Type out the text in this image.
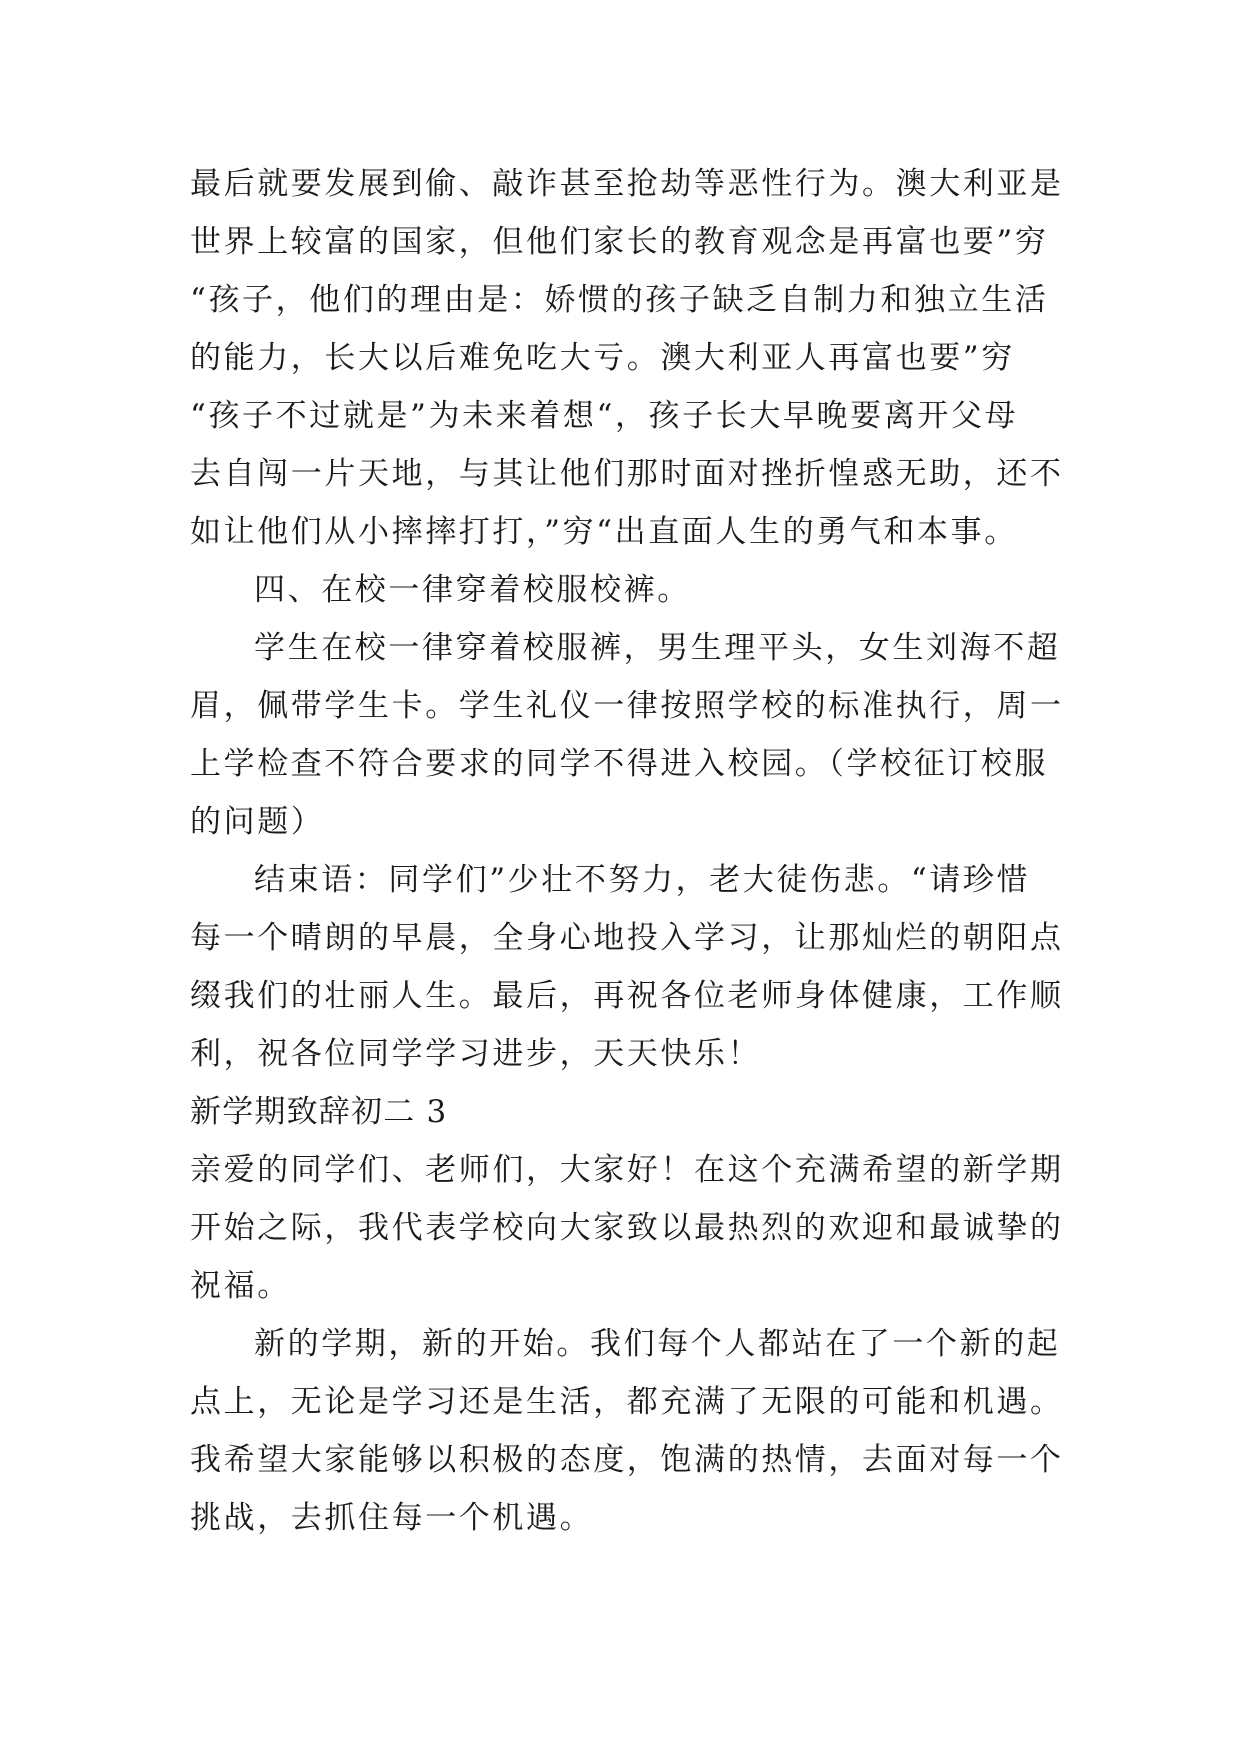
最后就要发展到偷、敲诈甚至抢劫等恶性行为。澳大利亚是

世界上较富的国家，但他们家长的教育观念是再富也要”穷

“孩子，他们的理由是：娇惯的孩子缺乏自制力和独立生活

的能力，长大以后难免吃大亏。澳大利亚人再富也要”穷

“孩子不过就是”为未来着想“，孩子长大早晚要离开父母

去自闯一片天地，与其让他们那时面对挫折惶惑无助，还不

如让他们从小摔摔打打，”穷“出直面人生的勇气和本事。

四、在校一律穿着校服校裤。

学生在校一律穿着校服裤，男生理平头，女生刘海不超

眉，佩带学生卡。学生礼仪一律按照学校的标准执行，周一

上学检查不符合要求的同学不得进入校园。（学校征订校服

的问题）

结束语：同学们”少壮不努力，老大徒伤悲。“请珍惜

每一个晴朗的早晨，全身心地投入学习，让那灿烂的朝阳点

缀我们的壮丽人生。最后，再祝各位老师身体健康，工作顺

利，祝各位同学学习进步，天天快乐！

新学期致辞初二 3

亲爱的同学们、老师们，大家好！在这个充满希望的新学期

开始之际，我代表学校向大家致以最热烈的欢迎和最诚挚的

祝福。

新的学期，新的开始。我们每个人都站在了一个新的起

点上，无论是学习还是生活，都充满了无限的可能和机遇。

我希望大家能够以积极的态度，饱满的热情，去面对每一个

挑战，去抓住每一个机遇。
